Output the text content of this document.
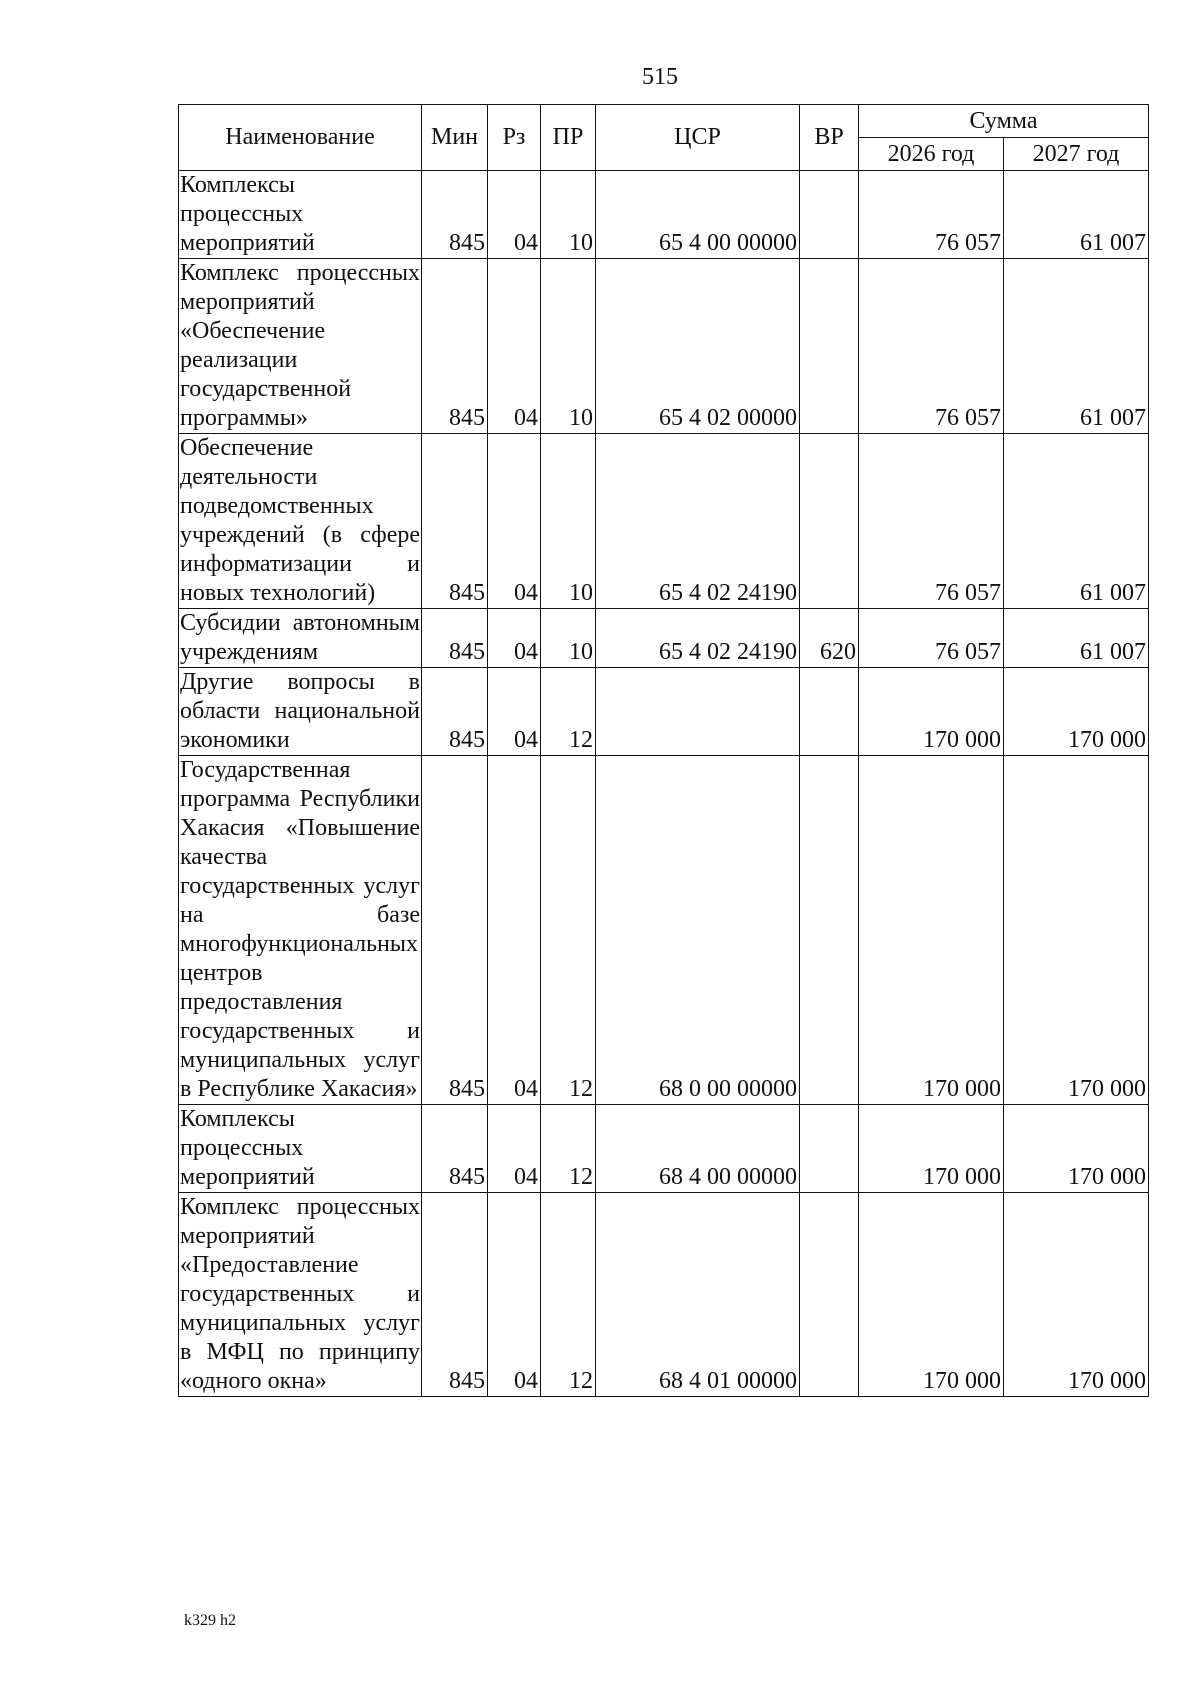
515
Наименование	Мин	Рз	ПР	ЦСР	ВР	Сумма	
						2026 год	2027 год
Комплексы процессных мероприятий	845	04	10	65 4 00 00000		76 057	61 007
Комплекс процессных мероприятий «Обеспечение реализации государственной программы»	845	04	10	65 4 02 00000		76 057	61 007
Обеспечение деятельности подведомственных учреждений (в сфере информатизации и новых технологий)	845	04	10	65 4 02 24190		76 057	61 007
Субсидии автономным учреждениям	845	04	10	65 4 02 24190	620	76 057	61 007
Другие вопросы в области национальной экономики	845	04	12			170 000	170 000
Государственная программа Республики Хакасия «Повышение качества государственных услуг на базе многофункциональных центров предоставления государственных и муниципальных услуг в Республике Хакасия»	845	04	12	68 0 00 00000		170 000	170 000
Комплексы процессных мероприятий	845	04	12	68 4 00 00000		170 000	170 000
Комплекс процессных мероприятий «Предоставление государственных и муниципальных услуг в МФЦ по принципу «одного окна»	845	04	12	68 4 01 00000		170 000	170 000
k329 h2
